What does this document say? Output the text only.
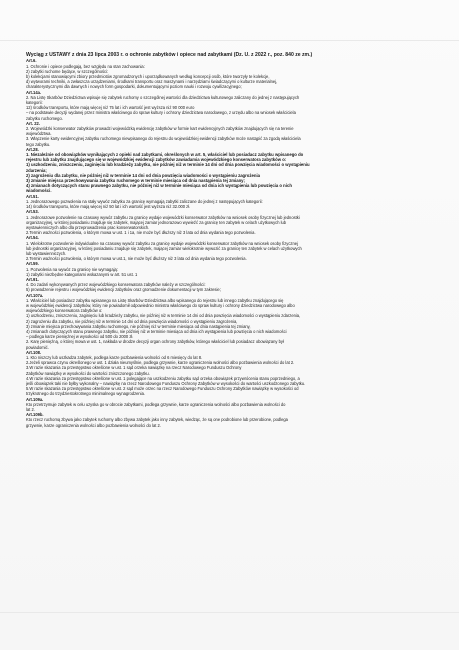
Wyciąg z USTAWY z dnia 23 lipca 2003 r. o ochronie zabytków i opiece nad zabytkami (Dz. U. z 2022 r., poz. 840 ze zm.)
Art.6.
1. Ochronie i opiece podlegają, bez względu na stan zachowania:
2) zabytki ruchome będące, w szczególności:
b) kolekcjami stanowiącymi zbiory przedmiotów zgromadzonych i uporządkowanych według koncepcji osób, które tworzyły te kolekcje,
d) wytworami techniki, a zwłaszcza urządzeniami, środkami transportu oraz maszynami i narzędziami świadczącymi o kulturze materialnej,
charakterystycznymi dla dawnych i nowych form gospodarki, dokumentującymi poziom nauki i rozwoju cywilizacyjnego;
Art.14a.
2. Na Listę Skarbów Dziedzictwa wpisuje się zabytek ruchomy o szczególnej wartości dla dziedzictwa kulturowego zaliczany do jednej z następujących
kategorii:
12) środków transportu, które mają więcej niż 75 lat i ich wartość jest wyższa niż 90 000 euro
– na podstawie decyzji wydanej przez ministra właściwego do spraw kultury i ochrony dziedzictwa narodowego, z urzędu albo na wniosek właściciela
zabytku ruchomego.
Art. 22.
2. Wojewódzki konserwator zabytków prowadzi wojewódzką ewidencję zabytków w formie kart ewidencyjnych zabytków znajdujących się na terenie
województwa.
3. Włączenie karty ewidencyjnej zabytku ruchomego niewpisanego do rejestru do wojewódzkiej ewidencji zabytków może nastąpić za zgodą właściciela
tego zabytku.
Art.28.
1. Niezależnie od obowiązków wynikających z opieki nad zabytkami, określonych w art. 5, właściciel lub posiadacz zabytku wpisanego do
rejestru lub zabytku znajdującego się w wojewódzkiej ewidencji zabytków zawiadamia wojewódzkiego konserwatora zabytków o:
1) uszkodzeniu, zniszczeniu, zaginięciu lub kradzieży zabytku, nie później niż w terminie 14 dni od dnia powzięcia wiadomości o wystąpieniu
zdarzenia;
2) zagrożeniu dla zabytku, nie później niż w terminie 14 dni od dnia powzięcia wiadomości o wystąpieniu zagrożenia
3) zmianie miejsca przechowywania zabytku ruchomego w terminie miesiąca od dnia nastąpienia tej zmiany;
4) zmianach dotyczących stanu prawnego zabytku, nie później niż w terminie miesiąca od dnia ich wystąpienia lub powzięcia o nich
wiadomości.
Art.51.
1. Jednorazowego pozwolenia na stały wywóz zabytku za granicę wymagają zabytki zaliczane do jednej z następujących kategorii:
14) środków transportu, które mają więcej niż 50 lat i ich wartość jest wyższa niż 32.000 zł.
Art.53.
1. Jednorazowe pozwolenie na czasowy wywóz zabytku za granicę wydaje wojewódzki konserwator zabytków na wniosek osoby fizycznej lub jednostki
organizacyjnej, w której posiadaniu znajduje się zabytek, mającej zamiar jednorazowo wywieźć za granicę ten zabytek w celach użytkowych lub
wystawienniczych albo dla przeprowadzenia prac konserwatorskich.
2.Termin ważności pozwolenia, o którym mowa w ust. 1 i 1a, nie może być dłuższy niż 3 lata od dnia wydania tego pozwolenia.
Art.54.
1. Wielokrotne pozwolenie indywidualne na czasowy wywóz zabytku za granicę wydaje wojewódzki konserwator zabytków na wniosek osoby fizycznej
lub jednostki organizacyjnej, w której posiadaniu znajduje się zabytek, mającej zamiar wielokrotnie wywozić za granicę ten zabytek w celach użytkowych
lub wystawienniczych.
2.Termin ważności pozwolenia, o którym mowa w ust.1, nie może być dłuższy niż 3 lata od dnia wydania tego pozwolenia.
Art.59.
1. Pozwolenia na wywóz za granicę nie wymagają:
1) zabytki niezbędne kategoriami wskazanymi w art. 51 ust. 1
Art.91.
4. Do zadań wykonywanych przez wojewódzkiego konserwatora zabytków należy w szczególności:
5) prowadzenie rejestru i wojewódzkiej ewidencji zabytków oraz gromadzenie dokumentacji w tym zakresie;
Art.107a.
1. Właściciel lub posiadacz zabytku wpisanego na Listę Skarbów Dziedzictwa albo wpisanego do rejestru lub innego zabytku znajdującego się
w wojewódzkiej ewidencji zabytków, który nie powiadomił odpowiednio ministra właściwego do spraw kultury i ochrony dziedzictwa narodowego albo
wojewódzkiego konserwatora zabytków o:
1) uszkodzeniu, zniszczeniu, zaginięciu lub kradzieży zabytku, nie później niż w terminie 14 dni od dnia powzięcia wiadomości o wystąpieniu zdarzenia,
2) zagrożeniu dla zabytku, nie później niż w terminie 14 dni od dnia powzięcia wiadomości o wystąpieniu zagrożenia,
3) zmianie miejsca przechowywania zabytku ruchomego, nie później niż w terminie miesiąca od dnia nastąpienia tej zmiany,
4) zmianach dotyczących stanu prawnego zabytku, nie później niż w terminie miesiąca od dnia ich wystąpienia lub powzięcia o nich wiadomości
– podlega karze pieniężnej w wysokości od 500 do 2000 zł.
2. Karę pieniężną, o której mowa w ust. 1, nakłada w drodze decyzji organ ochrony zabytków, którego właściciel lub posiadacz obowiązany był
powiadomić.
Art.108.
1. Kto niszczy lub uszkadza zabytek, podlega karze pozbawienia wolności od 6 miesięcy do lat 8.
2.Jeżeli sprawca czynu określonego w ust. 1 działa nieumyślnie, podlega grzywnie, karze ograniczenia wolności albo pozbawienia wolności do lat 2.
3.W razie skazania za przestępstwo określone w ust. 1 sąd orzeka nawiązkę na rzecz Narodowego Funduszu Ochrony
Zabytków nawiązkę w wysokości do wartości zniszczonego zabytku.
4.W razie skazania za przestępstwo określone w ust. 1 polegające na uszkodzeniu zabytku sąd orzeka obowiązek przywrócenia stanu poprzedniego, a
jeśli obowiązek taki nie byłby wykonalny – nawiązkę na rzecz Narodowego Funduszu Ochrony Zabytków w wysokości do wartości uszkodzonego zabytku.
5.W razie skazania za przestępstwo określone w ust. 2 sąd może orzec na rzecz Narodowego Funduszu Ochrony Zabytków nawiązkę w wysokości od
trzykrotnego do trzydziestokrotnego minimalnego wynagrodzenia.
Art.109a.
Kto przetrzymuje zabytek w celu uzyska go w obrocie zabytkami, podlega grzywnie, karze ograniczenia wolności albo pozbawienia wolności do
lat 2.
Art.109b.
Kto rzecz ruchomą zbywa jako zabytek ruchomy albo zbywa zabytek jako inny zabytek, wiedząc, że są one podrobione lub przerobione, podlega
grzywnie, karze ograniczenia wolności albo pozbawienia wolności do lat 2.
